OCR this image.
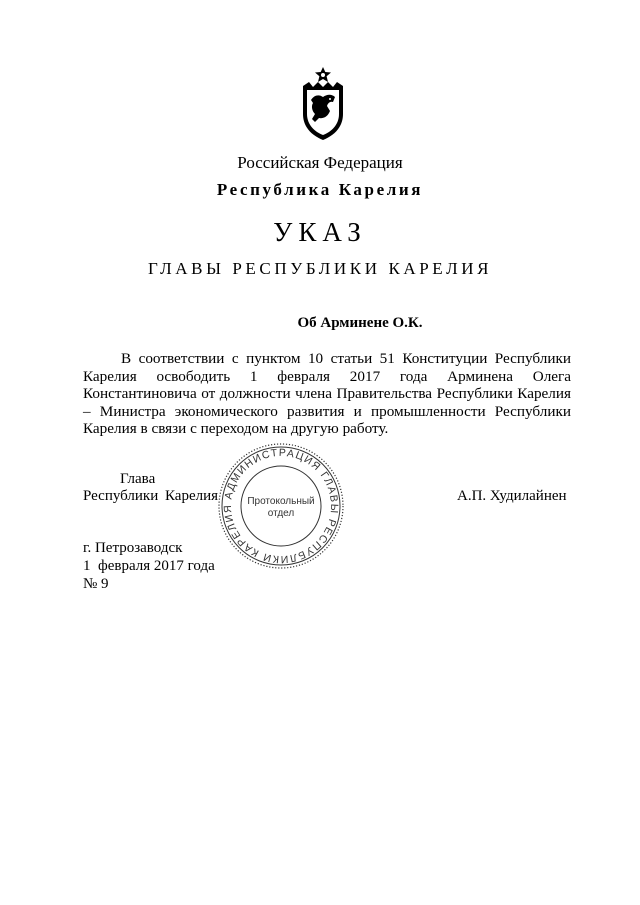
Российская Федерация
Республика Карелия
УКАЗ
ГЛАВЫ РЕСПУБЛИКИ КАРЕЛИЯ
Об Арминене О.К.
В соответствии с пунктом 10 статьи 51 Конституции Республики Карелия освободить 1 февраля 2017 года Арминена Олега Константиновича от должности члена Правительства Республики Карелия – Министра экономического развития и промышленности Республики Карелия в связи с переходом на другую работу.
Глава
Республики Карелия	А.П. Худилайнен
АДМИНИСТРАЦИЯ ГЛАВЫ РЕСПУБЛИКИ КАРЕЛИЯ
Протокольный
отдел
г. Петрозаводск
1  февраля 2017 года
№ 9
